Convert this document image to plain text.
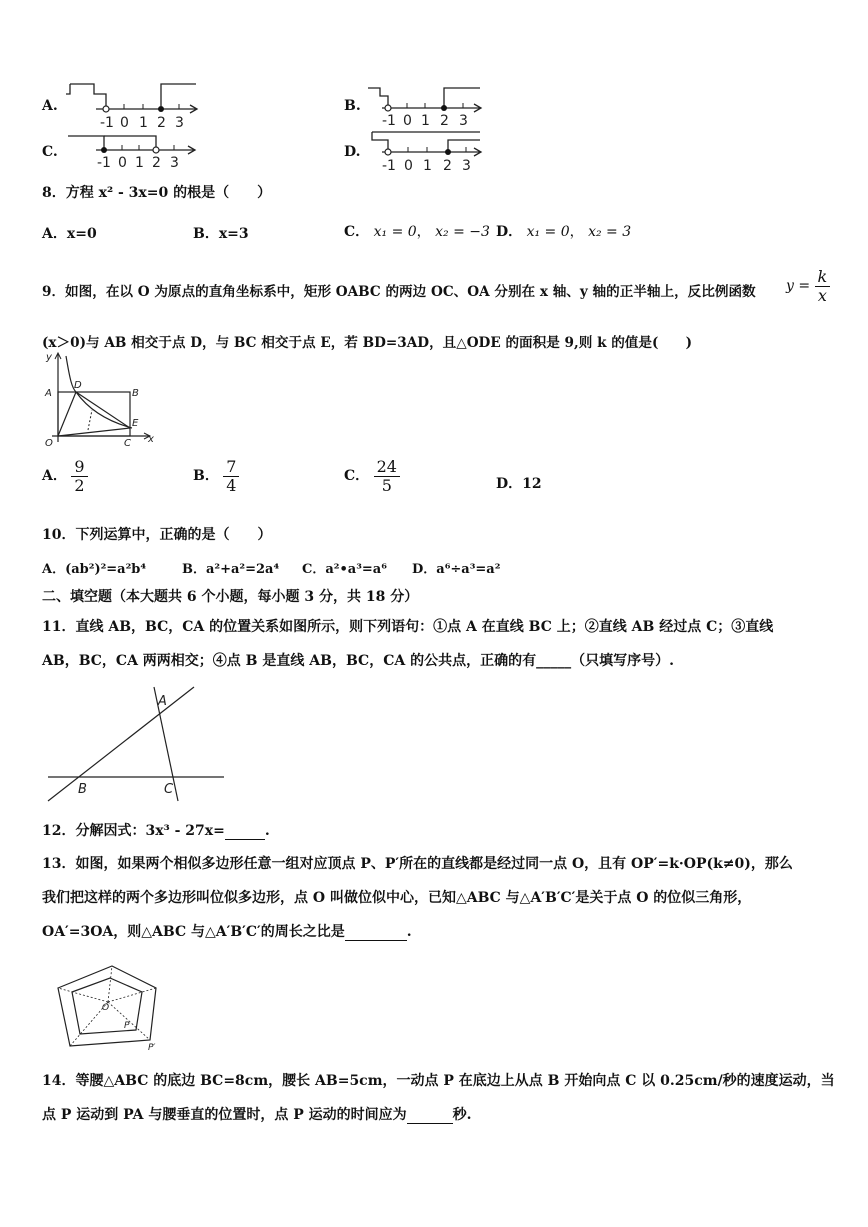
A.
-1 0 1 2 3
B.
-1 0 1 2 3
C.
-1 0 1 2 3
D.
-1 0 1 2 3
8．方程 x² - 3x=0 的根是（　　）
A．x=0	B．x=3	C． x₁ = 0， x₂ = −3 D． x₁ = 0， x₂ = 3
9．如图，在以 O 为原点的直角坐标系中，矩形 OABC 的两边 OC、OA 分别在 x 轴、y 轴的正半轴上，反比例函数 $y = \frac{k}{x}$
(x＞0)与 AB 相交于点 D，与 BC 相交于点 E，若 BD=3AD，且△ODE 的面积是 9,则 k 的值是(　　)
y
x
A	B
C
D
E
O
A． $\frac{9}{2}$	B． $\frac{7}{4}$	C． $\frac{24}{5}$	D．12
10．下列运算中，正确的是（　　）
A．(ab²)²=a²b⁴	B．a²+a²=2a⁴ C．a²•a³=a⁶ D．a⁶÷a³=a²
二、填空题（本大题共 6 个小题，每小题 3 分，共 18 分）
11．直线 AB，BC，CA 的位置关系如图所示，则下列语句：①点 A 在直线 BC 上；②直线 AB 经过点 C；③直线
AB，BC，CA 两两相交；④点 B 是直线 AB，BC，CA 的公共点，正确的有_____（只填写序号）.
A
B	C
12．分解因式：3x³ - 27x=	.
13．如图，如果两个相似多边形任意一组对应顶点 P、P′所在的直线都是经过同一点 O，且有 OP′=k·OP(k≠0)，那么
我们把这样的两个多边形叫位似多边形，点 O 叫做位似中心，已知△ABC 与△A′B′C′是关于点 O 的位似三角形，
OA′=3OA，则△ABC 与△A′B′C′的周长之比是	.
O
P
P′
14．等腰△ABC 的底边 BC=8cm，腰长 AB=5cm，一动点 P 在底边上从点 B 开始向点 C 以 0.25cm/秒的速度运动，当
点 P 运动到 PA 与腰垂直的位置时，点 P 运动的时间应为	秒.
